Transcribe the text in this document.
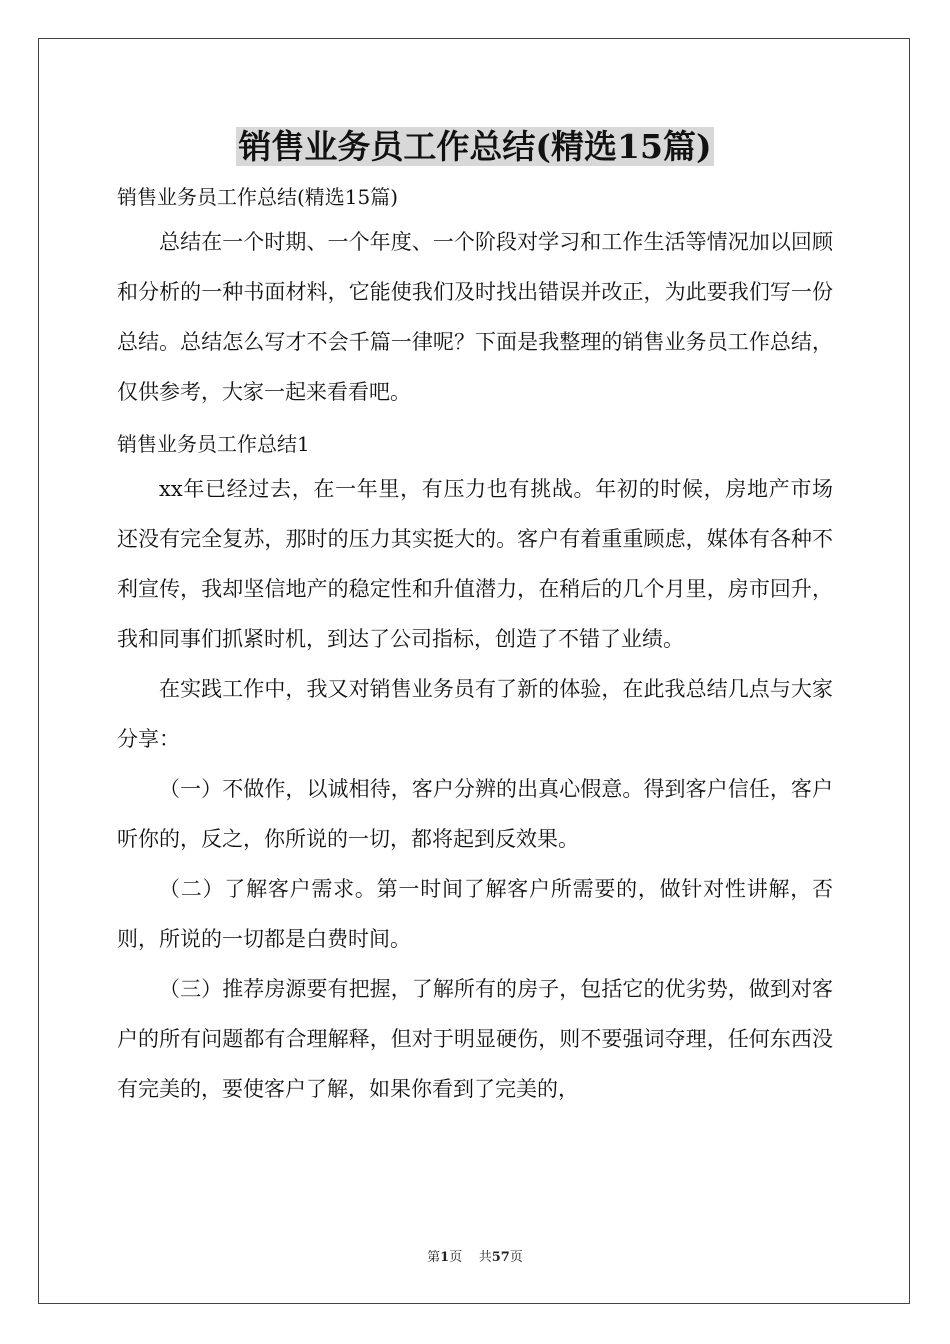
销售业务员工作总结(精选15篇)

销售业务员工作总结(精选15篇)

总结在一个时期、一个年度、一个阶段对学习和工作生活等情况加以回顾和分析的一种书面材料，它能使我们及时找出错误并改正，为此要我们写一份总结。总结怎么写才不会千篇一律呢？下面是我整理的销售业务员工作总结，仅供参考，大家一起来看看吧。

销售业务员工作总结1

xx年已经过去，在一年里，有压力也有挑战。年初的时候，房地产市场还没有完全复苏，那时的压力其实挺大的。客户有着重重顾虑，媒体有各种不利宣传，我却坚信地产的稳定性和升值潜力，在稍后的几个月里，房市回升，我和同事们抓紧时机，到达了公司指标，创造了不错了业绩。

在实践工作中，我又对销售业务员有了新的体验，在此我总结几点与大家分享：

（一）不做作，以诚相待，客户分辨的出真心假意。得到客户信任，客户听你的，反之，你所说的一切，都将起到反效果。

（二）了解客户需求。第一时间了解客户所需要的，做针对性讲解，否则，所说的一切都是白费时间。

（三）推荐房源要有把握，了解所有的房子，包括它的优劣势，做到对客户的所有问题都有合理解释，但对于明显硬伤，则不要强词夺理，任何东西没有完美的，要使客户了解，如果你看到了完美的，

第1页 共57页
